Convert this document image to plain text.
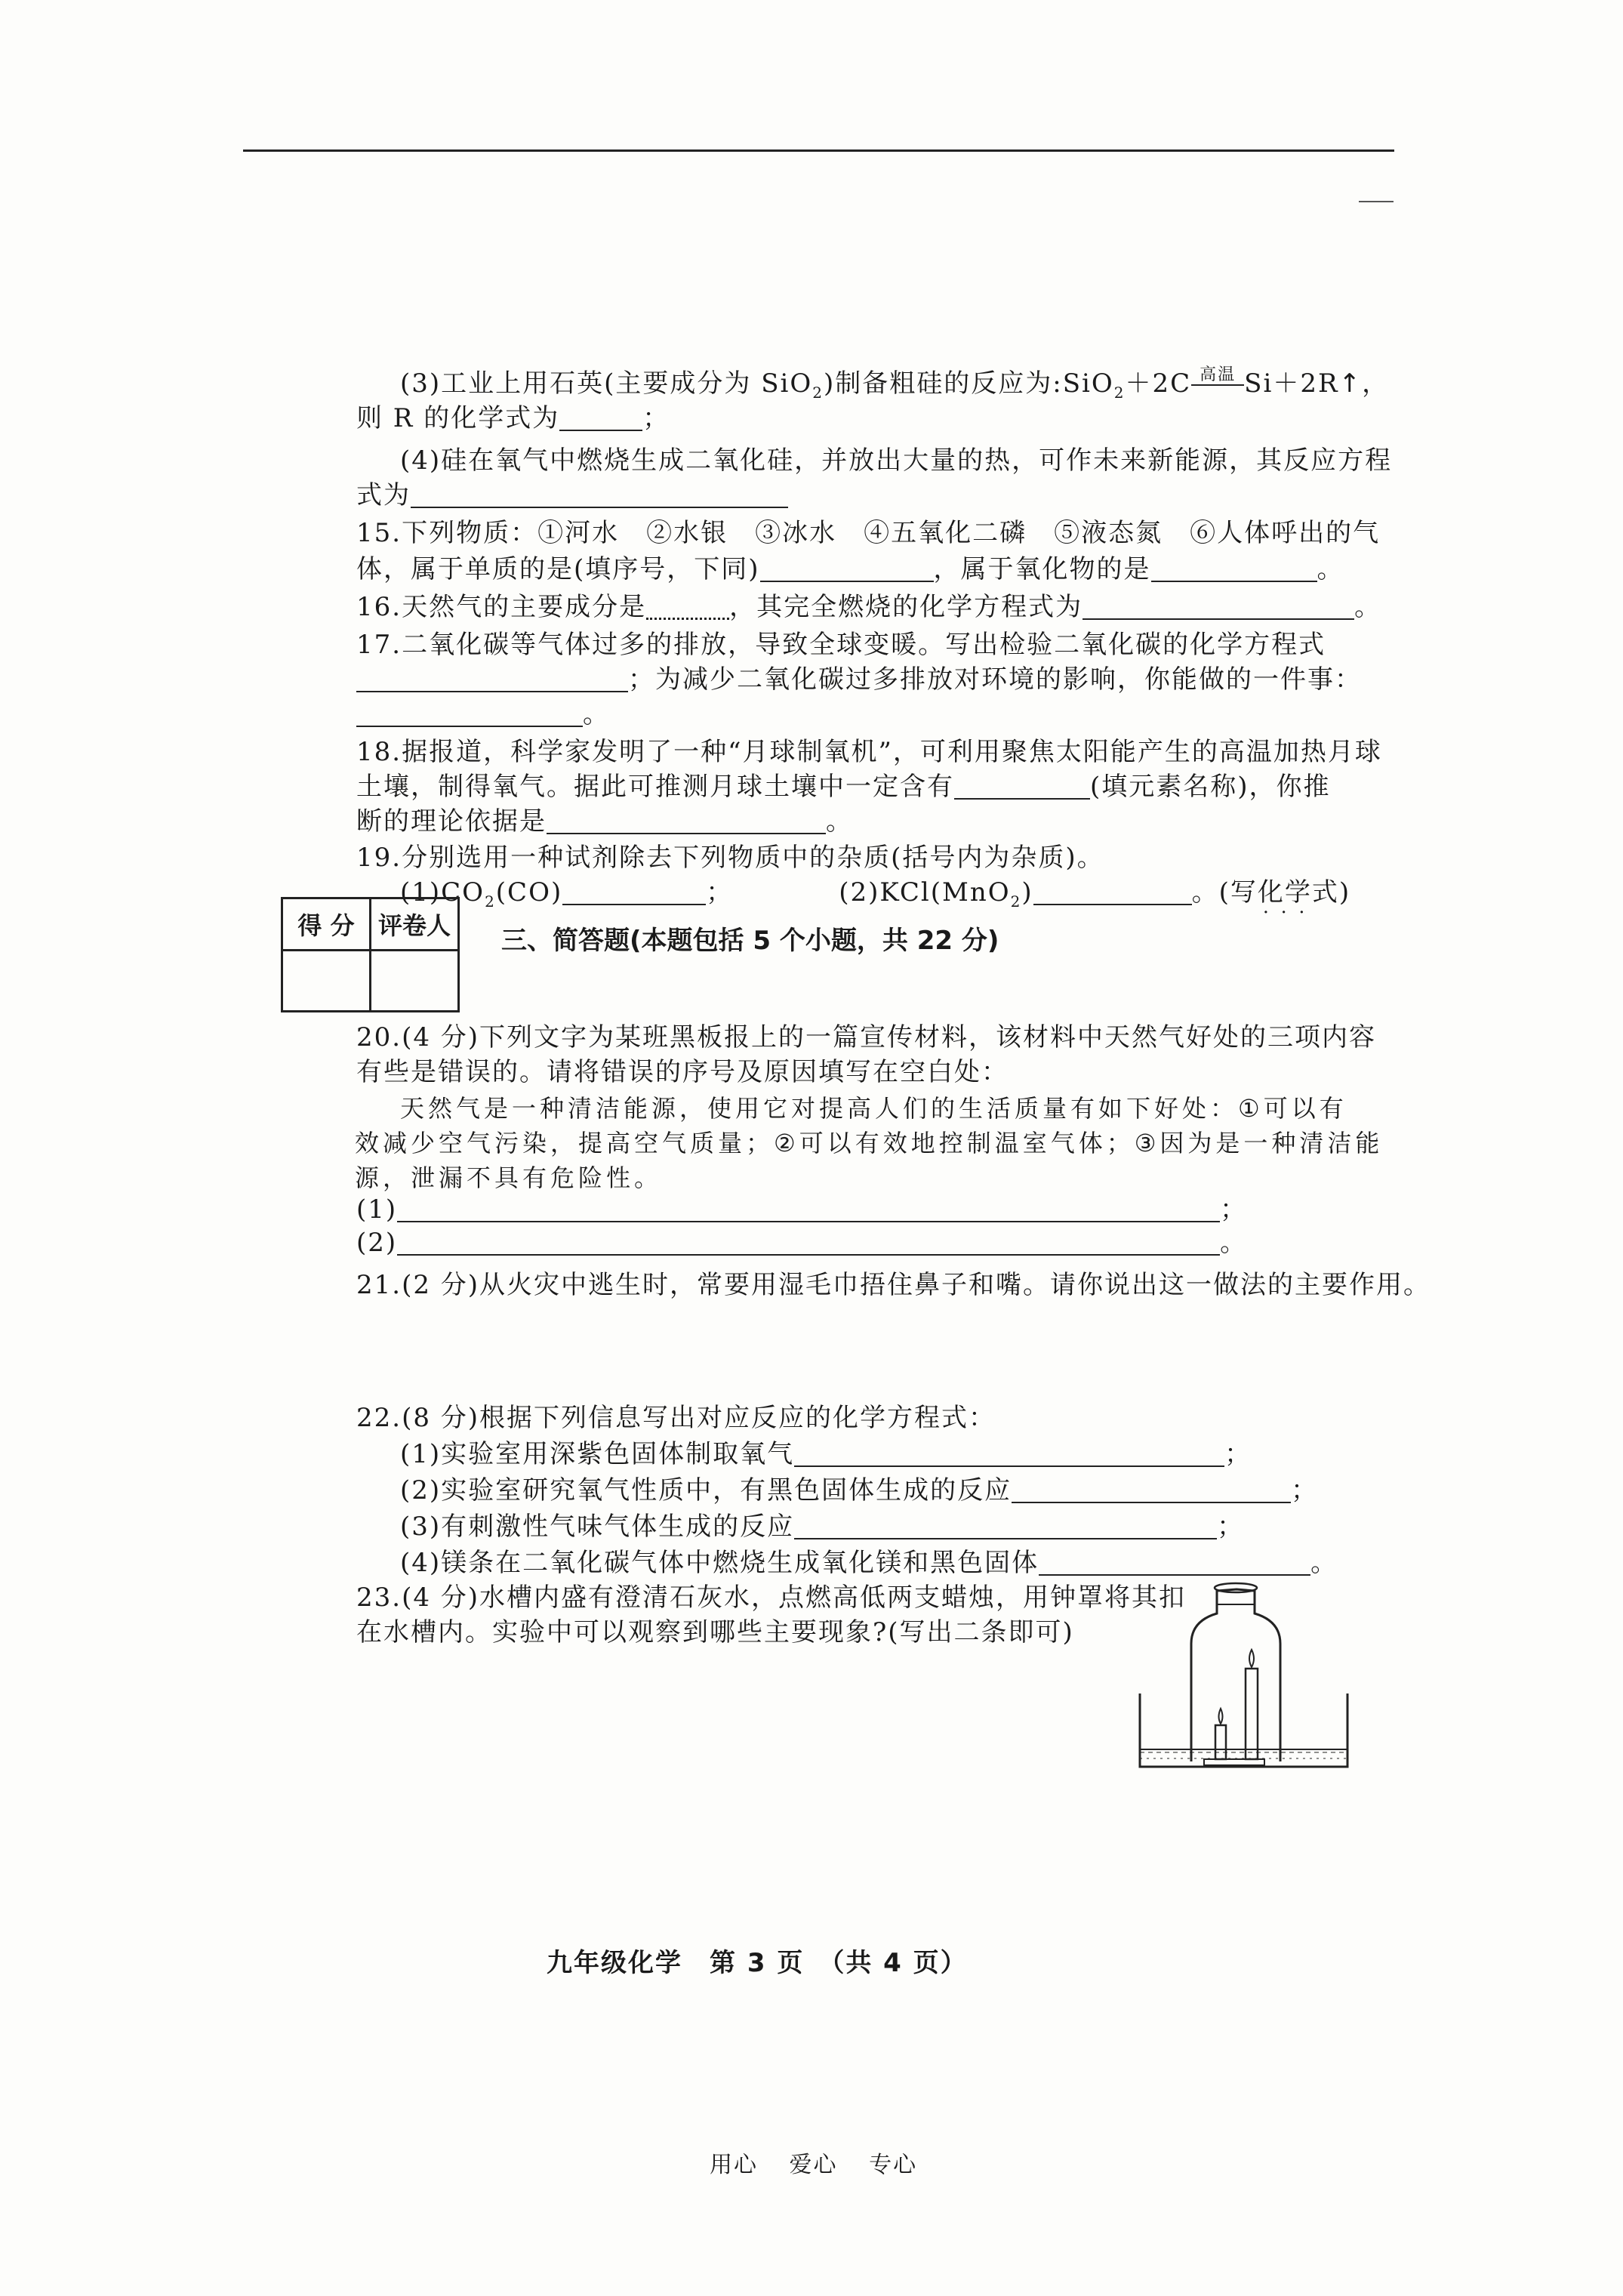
(3)工业上用石英(主要成分为 SiO$_2$)制备粗硅的反应为:SiO$_2$＋2C 高温 Si＋2R↑，
则 R 的化学式为	；
(4)硅在氧气中燃烧生成二氧化硅，并放出大量的热，可作未来新能源，其反应方程
式为
15.下列物质：①河水　②水银　③冰水　④五氧化二磷　⑤液态氮　⑥人体呼出的气
体，属于单质的是(填序号，下同)	，属于氧化物的是	。
16.天然气的主要成分是	，其完全燃烧的化学方程式为	。
17.二氧化碳等气体过多的排放，导致全球变暖。写出检验二氧化碳的化学方程式
；为减少二氧化碳过多排放对环境的影响，你能做的一件事：
。
18.据报道，科学家发明了一种“月球制氧机”，可利用聚焦太阳能产生的高温加热月球
土壤，制得氧气。据此可推测月球土壤中一定含有	(填元素名称)，你推
断的理论依据是	。
19.分别选用一种试剂除去下列物质中的杂质(括号内为杂质)。
$(1)CO_2(CO)$	；	(2)KCl(MnO$_2$)	。(写化学式 ・ ・ ・)
得 分	评卷人
	三、简答题(本题包括 5 个小题，共 22 分)
20.(4 分)下列文字为某班黑板报上的一篇宣传材料，该材料中天然气好处的三项内容
有些是错误的。请将错误的序号及原因填写在空白处：
天然气是一种清洁能源，使用它对提高人们的生活质量有如下好处：①可以有
效减少空气污染，提高空气质量；②可以有效地控制温室气体；③因为是一种清洁能
源，泄漏不具有危险性。
(1)	；
(2)	。
21.(2 分)从火灾中逃生时，常要用湿毛巾捂住鼻子和嘴。请你说出这一做法的主要作用。
22.(8 分)根据下列信息写出对应反应的化学方程式：
(1)实验室用深紫色固体制取氧气	；
(2)实验室研究氧气性质中，有黑色固体生成的反应	；
(3)有刺激性气味气体生成的反应	；
(4)镁条在二氧化碳气体中燃烧生成氧化镁和黑色固体	。
23.(4 分)水槽内盛有澄清石灰水，点燃高低两支蜡烛，用钟罩将其扣
在水槽内。实验中可以观察到哪些主要现象?(写出二条即可)
九年级化学　第 3 页　（共 4 页）
用心 爱心 专心
